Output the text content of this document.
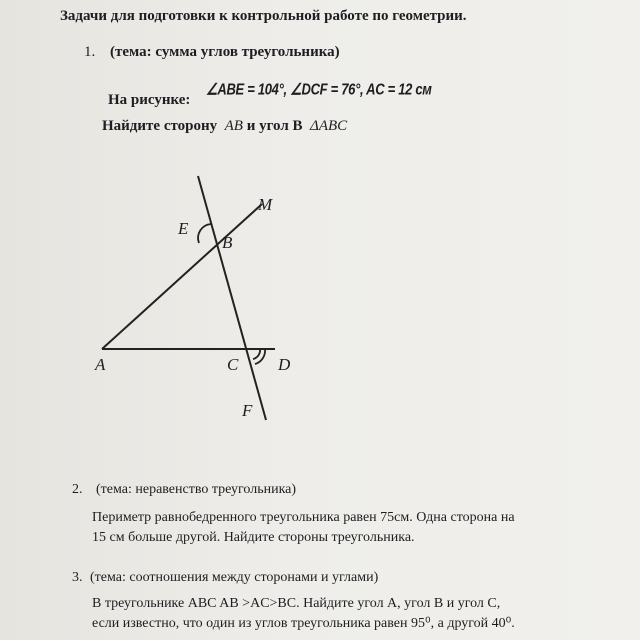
Задачи для подготовки к контрольной работе по геометрии.
1. (тема: сумма углов треугольника)
На рисунке:
∠ABE = 104°, ∠DCF = 76°, AC = 12 см
Найдите сторону AB и угол В ΔABC
E
B
M
A	C D
F
2. (тема: неравенство треугольника)
Периметр равнобедренного треугольника равен 75см. Одна сторона на
15 см больше другой. Найдите стороны треугольника.
3. (тема: соотношения между сторонами и углами)
В треугольнике ABC AB >AC>BC. Найдите угол A, угол B и угол C,
если известно, что один из углов треугольника равен 95⁰, а другой 40⁰.
